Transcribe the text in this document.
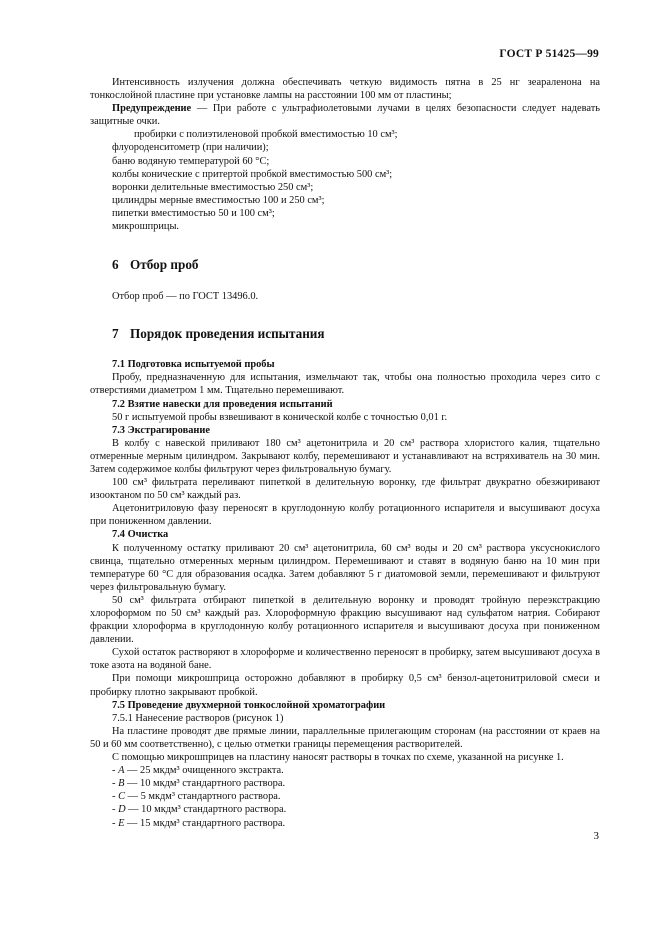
ГОСТ Р 51425—99

Интенсивность излучения должна обеспечивать четкую видимость пятна в 25 нг зеараленона на тонкослойной пластине при установке лампы на расстоянии 100 мм от пластины;

Предупреждение — При работе с ультрафиолетовыми лучами в целях безопасности следует надевать защитные очки.

пробирки с полиэтиленовой пробкой вместимостью 10 см³;

флуороденситометр (при наличии);

баню водяную температурой 60 °С;

колбы конические с притертой пробкой вместимостью 500 см³;

воронки делительные вместимостью 250 см³;

цилиндры мерные вместимостью 100 и 250 см³;

пипетки вместимостью 50 и 100 см³;

микрошприцы.

6 Отбор проб

Отбор проб — по ГОСТ 13496.0.

7 Порядок проведения испытания

7.1 Подготовка испытуемой пробы

Пробу, предназначенную для испытания, измельчают так, чтобы она полностью проходила через сито с отверстиями диаметром 1 мм. Тщательно перемешивают.

7.2 Взятие навески для проведения испытаний

50 г испытуемой пробы взвешивают в конической колбе с точностью 0,01 г.

7.3 Экстрагирование

В колбу с навеской приливают 180 см³ ацетонитрила и 20 см³ раствора хлористого калия, тщательно отмеренные мерным цилиндром. Закрывают колбу, перемешивают и устанавливают на встряхиватель на 30 мин. Затем содержимое колбы фильтруют через фильтровальную бумагу.

100 см³ фильтрата переливают пипеткой в делительную воронку, где фильтрат двукратно обезжиривают изооктаном по 50 см³ каждый раз.

Ацетонитриловую фазу переносят в круглодонную колбу ротационного испарителя и высушивают досуха при пониженном давлении.

7.4 Очистка

К полученному остатку приливают 20 см³ ацетонитрила, 60 см³ воды и 20 см³ раствора уксуснокислого свинца, тщательно отмеренных мерным цилиндром. Перемешивают и ставят в водяную баню на 10 мин при температуре 60 °С для образования осадка. Затем добавляют 5 г диатомовой земли, перемешивают и фильтруют через фильтровальную бумагу.

50 см³ фильтрата отбирают пипеткой в делительную воронку и проводят тройную переэкстракцию хлороформом по 50 см³ каждый раз. Хлороформную фракцию высушивают над сульфатом натрия. Собирают фракции хлороформа в круглодонную колбу ротационного испарителя и высушивают досуха при пониженном давлении.

Сухой остаток растворяют в хлороформе и количественно переносят в пробирку, затем высушивают досуха в токе азота на водяной бане.

При помощи микрошприца осторожно добавляют в пробирку 0,5 см³ бензол-ацетонитриловой смеси и пробирку плотно закрывают пробкой.

7.5 Проведение двухмерной тонкослойной хроматографии

7.5.1 Нанесение растворов (рисунок 1)

На пластине проводят две прямые линии, параллельные прилегающим сторонам (на расстоянии от краев на 50 и 60 мм соответственно), с целью отметки границы перемещения растворителей.

С помощью микрошприцев на пластину наносят растворы в точках по схеме, указанной на рисунке 1.

- A — 25 мкдм³ очищенного экстракта.

- B — 10 мкдм³ стандартного раствора.

- C — 5 мкдм³ стандартного раствора.

- D — 10 мкдм³ стандартного раствора.

- E — 15 мкдм³ стандартного раствора.

3
